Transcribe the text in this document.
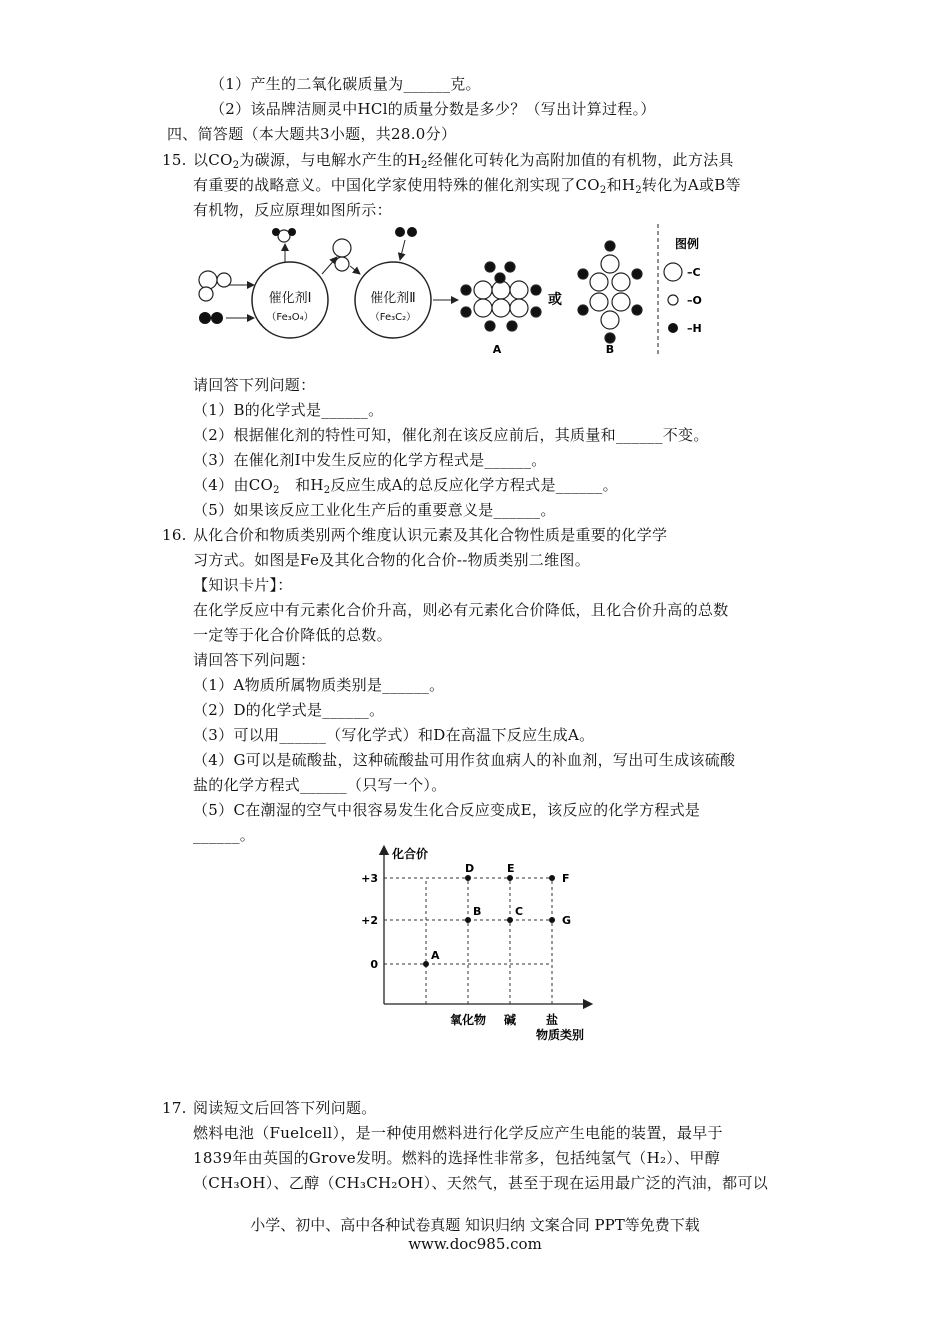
（1）产生的二氧化碳质量为______克。
（2）该品牌洁厕灵中HCl的质量分数是多少？（写出计算过程。）
四、简答题（本大题共3小题，共28.0分）
15. 以$CO_2$为碳源，与电解水产生的$H_2$经催化可转化为高附加值的有机物，此方法具
有重要的战略意义。中国化学家使用特殊的催化剂实现了$CO_2$和$H_2$转化为A或B等
有机物，反应原理如图所示：
催化剂Ⅰ
（Fe₃O₄）
催化剂Ⅱ
（Fe₃C₂）
A
或
B
图例
–C
–O
–H
请回答下列问题：
（1）B的化学式是______。
（2）根据催化剂的特性可知，催化剂在该反应前后，其质量和______不变。
（3）在催化剂Ⅰ中发生反应的化学方程式是______。
（4）由$CO_2$　和$H_2$反应生成A的总反应化学方程式是______。
（5）如果该反应工业化生产后的重要意义是______。
16. 从化合价和物质类别两个维度认识元素及其化合物性质是重要的化学学
习方式。如图是Fe及其化合物的化合价--物质类别二维图。
【知识卡片】：
在化学反应中有元素化合价升高，则必有元素化合价降低，且化合价升高的总数
一定等于化合价降低的总数。
请回答下列问题：
（1）A物质所属物质类别是______。
（2）D的化学式是______。
（3）可以用______（写化学式）和D在高温下反应生成A。
（4）G可以是硫酸盐，这种硫酸盐可用作贫血病人的补血剂，写出可生成该硫酸
盐的化学方程式______（只写一个）。
（5）C在潮湿的空气中很容易发生化合反应变成E，该反应的化学方程式是
______。
化合价
物质类别
+3
+2
0
氧化物 碱 盐
A
B	C
D	E
F
G
17. 阅读短文后回答下列问题。
燃料电池（Fuelcell），是一种使用燃料进行化学反应产生电能的装置，最早于
1839年由英国的Grove发明。燃料的选择性非常多，包括纯氢气（H₂）、甲醇
（CH₃OH）、乙醇（CH₃CH₂OH）、天然气，甚至于现在运用最广泛的汽油，都可以
小学、初中、高中各种试卷真题 知识归纳 文案合同 PPT等免费下载
www.doc985.com
